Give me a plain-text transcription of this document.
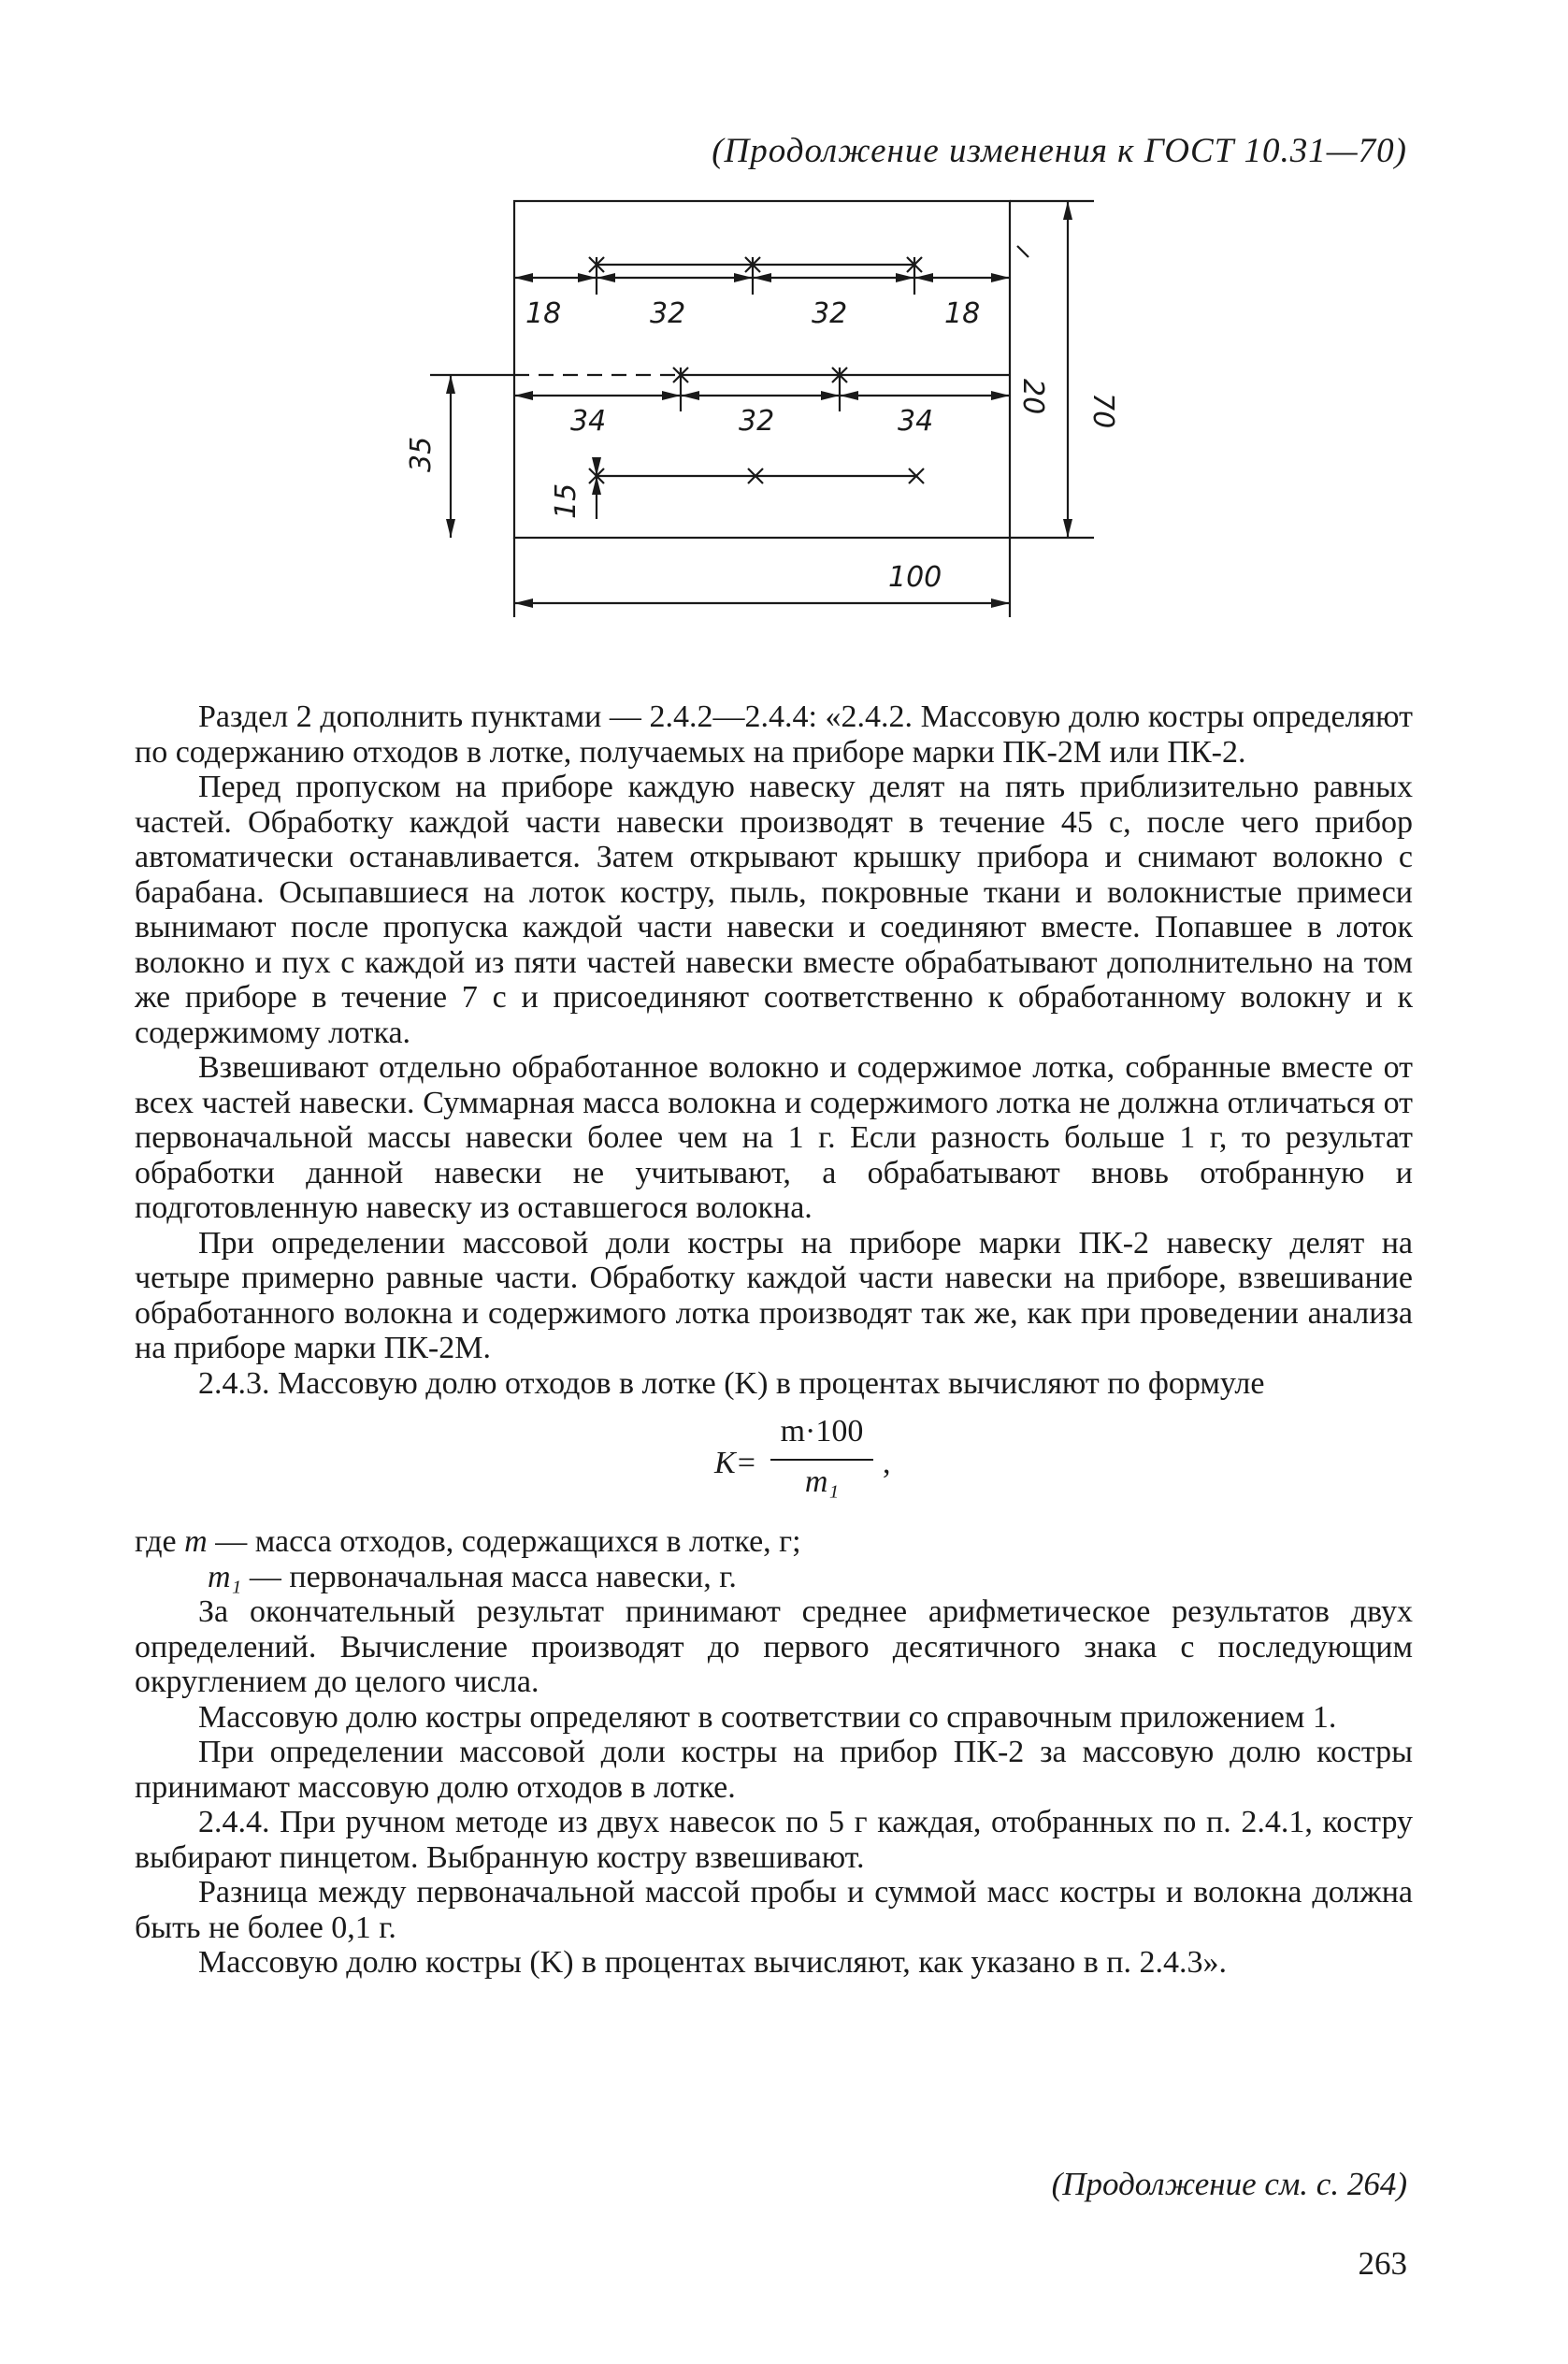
(Продолжение изменения к ГОСТ 10.31—70)
18	32	32	18
34	32	34
100
35
15
70
20

Раздел 2 дополнить пунктами — 2.4.2—2.4.4: «2.4.2. Массовую долю костры определяют по содержанию отходов в лотке, получаемых на приборе марки ПК-2М или ПК-2.

Перед пропуском на приборе каждую навеску делят на пять приблизительно равных частей. Обработку каждой части навески производят в течение 45 с, после чего прибор автоматически останавливается. Затем открывают крышку прибора и снимают волокно с барабана. Осыпавшиеся на лоток костру, пыль, покровные ткани и волокнистые примеси вынимают после пропуска каждой части навески и соединяют вместе. Попавшее в лоток волокно и пух с каждой из пяти частей навески вместе обрабатывают дополнительно на том же приборе в течение 7 с и присоединяют соответственно к обработанному волокну и к содержимому лотка.

Взвешивают отдельно обработанное волокно и содержимое лотка, собранные вместе от всех частей навески. Суммарная масса волокна и содержимого лотка не должна отличаться от первоначальной массы навески более чем на 1 г. Если разность больше 1 г, то результат обработки данной навески не учитывают, а обрабатывают вновь отобранную и подготовленную навеску из оставшегося волокна.

При определении массовой доли костры на приборе марки ПК-2 навеску делят на четыре примерно равные части. Обработку каждой части навески на приборе, взвешивание обработанного волокна и содержимого лотка производят так же, как при проведении анализа на приборе марки ПК-2М.

2.4.3. Массовую долю отходов в лотке (K) в процентах вычисляют по формуле

K=
m·100
m₁
,

где m — масса отходов, содержащихся в лотке, г;

m₁ — первоначальная масса навески, г.

За окончательный результат принимают среднее арифметическое результатов двух определений. Вычисление производят до первого десятичного знака с последующим округлением до целого числа.

Массовую долю костры определяют в соответствии со справочным приложением 1.

При определении массовой доли костры на прибор ПК-2 за массовую долю костры принимают массовую долю отходов в лотке.

2.4.4. При ручном методе из двух навесок по 5 г каждая, отобранных по п. 2.4.1, костру выбирают пинцетом. Выбранную костру взвешивают.

Разница между первоначальной массой пробы и суммой масс костры и волокна должна быть не более 0,1 г.

Массовую долю костры (K) в процентах вычисляют, как указано в п. 2.4.3».

(Продолжение см. с. 264)
263
